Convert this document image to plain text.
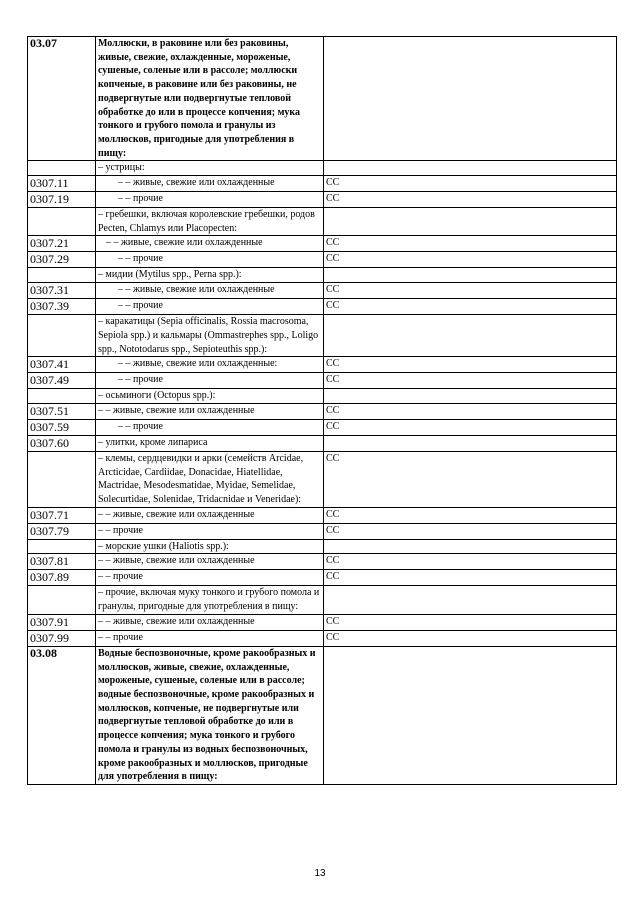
03.07	Моллюски, в раковине или без раковины, живые, свежие, охлажденные, мороженые, сушеные, соленые или в рассоле; моллюски копченые, в раковине или без раковины, не подвергнутые или подвергнутые тепловой обработке до или в процессе копчения; мука тонкого и грубого помола и гранулы из моллюсков, пригодные для употребления в пищу:	
	– устрицы:	
0307.11	– – живые, свежие или охлажденные	CC
0307.19	– – прочие	CC
	– гребешки, включая королевские гребешки, родов Pecten, Chlamys или Placopecten:	
0307.21	– – живые, свежие или охлажденные	CC
0307.29	– – прочие	CC
	– мидии (Mytilus spp., Perna spp.):	
0307.31	– – живые, свежие или охлажденные	CC
0307.39	– – прочие	CC
	– каракатицы (Sepia officinalis, Rossia macrosoma, Sepiola spp.) и кальмары (Ommastrephes spp., Loligo spp., Nototodarus spp., Sepioteuthis spp.):	
0307.41	– – живые, свежие или охлажденные:	CC
0307.49	– – прочие	CC
	– осьминоги (Octopus spp.):	
0307.51	– – живые, свежие или охлажденные	CC
0307.59	– – прочие	CC
0307.60	– улитки, кроме липариса	
	– клемы, сердцевидки и арки (семейств Arcidae, Arcticidae, Cardiidae, Donacidae, Hiatellidae, Mactridae, Mesodesmatidae, Myidae, Semelidae, Solecurtidae, Solenidae, Tridacnidae и Veneridae):	CC
0307.71	– – живые, свежие или охлажденные	CC
0307.79	– – прочие	CC
	– морские ушки (Haliotis spp.):	
0307.81	– – живые, свежие или охлажденные	CC
0307.89	– – прочие	CC
	– прочие, включая муку тонкого и грубого помола и гранулы, пригодные для употребления в пищу:	
0307.91	– – живые, свежие или охлажденные	CC
0307.99	– – прочие	CC
03.08	Водные беспозвоночные, кроме ракообразных и моллюсков, живые, свежие, охлажденные, мороженые, сушеные, соленые или в рассоле; водные беспозвоночные, кроме ракообразных и моллюсков, копченые, не подвергнутые или подвергнутые тепловой обработке до или в процессе копчения; мука тонкого и грубого помола и гранулы из водных беспозвоночных, кроме ракообразных и моллюсков, пригодные для употребления в пищу:	
13
